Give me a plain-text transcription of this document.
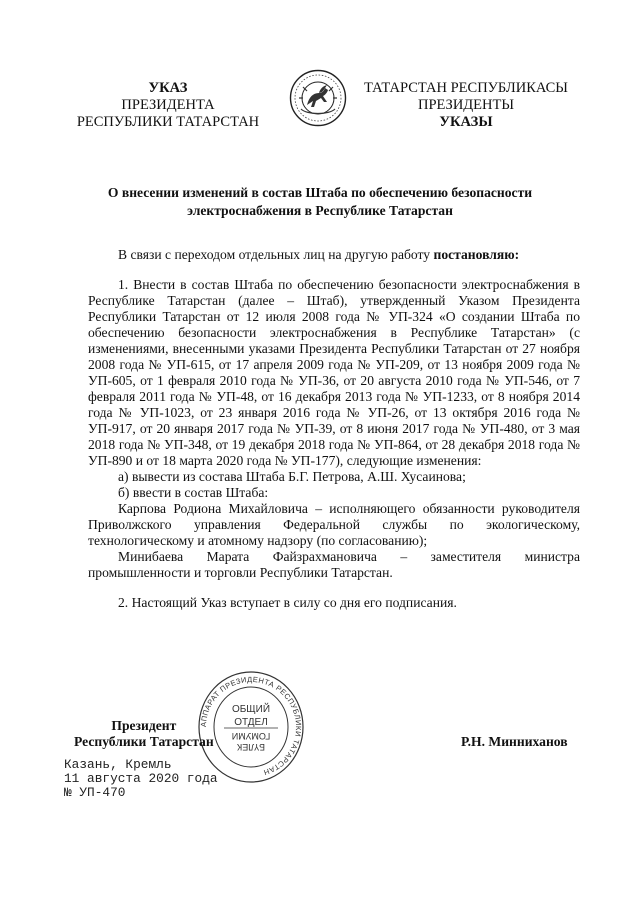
УКАЗ
ПРЕЗИДЕНТА
РЕСПУБЛИКИ ТАТАРСТАН
ТАТАРСТАН РЕСПУБЛИКАСЫ
ПРЕЗИДЕНТЫ
УКАЗЫ
О внесении изменений в состав Штаба по обеспечению безопасности
электроснабжения в Республике Татарстан

В связи с переходом отдельных лиц на другую работу постановляю:

1. Внести в состав Штаба по обеспечению безопасности электроснабжения в Республике Татарстан (далее – Штаб), утвержденный Указом Президента Республики Татарстан от 12 июля 2008 года № УП-324 «О создании Штаба по обеспечению безопасности электроснабжения в Республике Татарстан» (с изменениями, внесенными указами Президента Республики Татарстан от 27 ноября 2008 года № УП-615, от 17 апреля 2009 года № УП-209, от 13 ноября 2009 года № УП-605, от 1 февраля 2010 года № УП-36, от 20 августа 2010 года № УП-546, от 7 февраля 2011 года № УП-48, от 16 декабря 2013 года № УП-1233, от 8 ноября 2014 года № УП-1023, от 23 января 2016 года № УП-26, от 13 октября 2016 года № УП-917, от 20 января 2017 года № УП-39, от 8 июня 2017 года № УП-480, от 3 мая 2018 года № УП-348, от 19 декабря 2018 года № УП-864, от 28 декабря 2018 года № УП-890 и от 18 марта 2020 года № УП-177), следующие изменения:

а) вывести из состава Штаба Б.Г. Петрова, А.Ш. Хусаинова;

б) ввести в состав Штаба:

Карпова Родиона Михайловича – исполняющего обязанности руководителя Приволжского управления Федеральной службы по экологическому, технологическому и атомному надзору (по согласованию);

Минибаева Марата Файзрахмановича – заместителя министра промышленности и торговли Республики Татарстан.

2. Настоящий Указ вступает в силу со дня его подписания.

АППАРАТ ПРЕЗИДЕНТА РЕСПУБЛИКИ ТАТАРСТАН
ОБЩИЙ
ОТДЕЛ
ГОМУМИ
БҮЛЕК
Президент
Республики Татарстан	Р.Н. Минниханов
Казань, Кремль
11 августа 2020 года
№ УП-470
